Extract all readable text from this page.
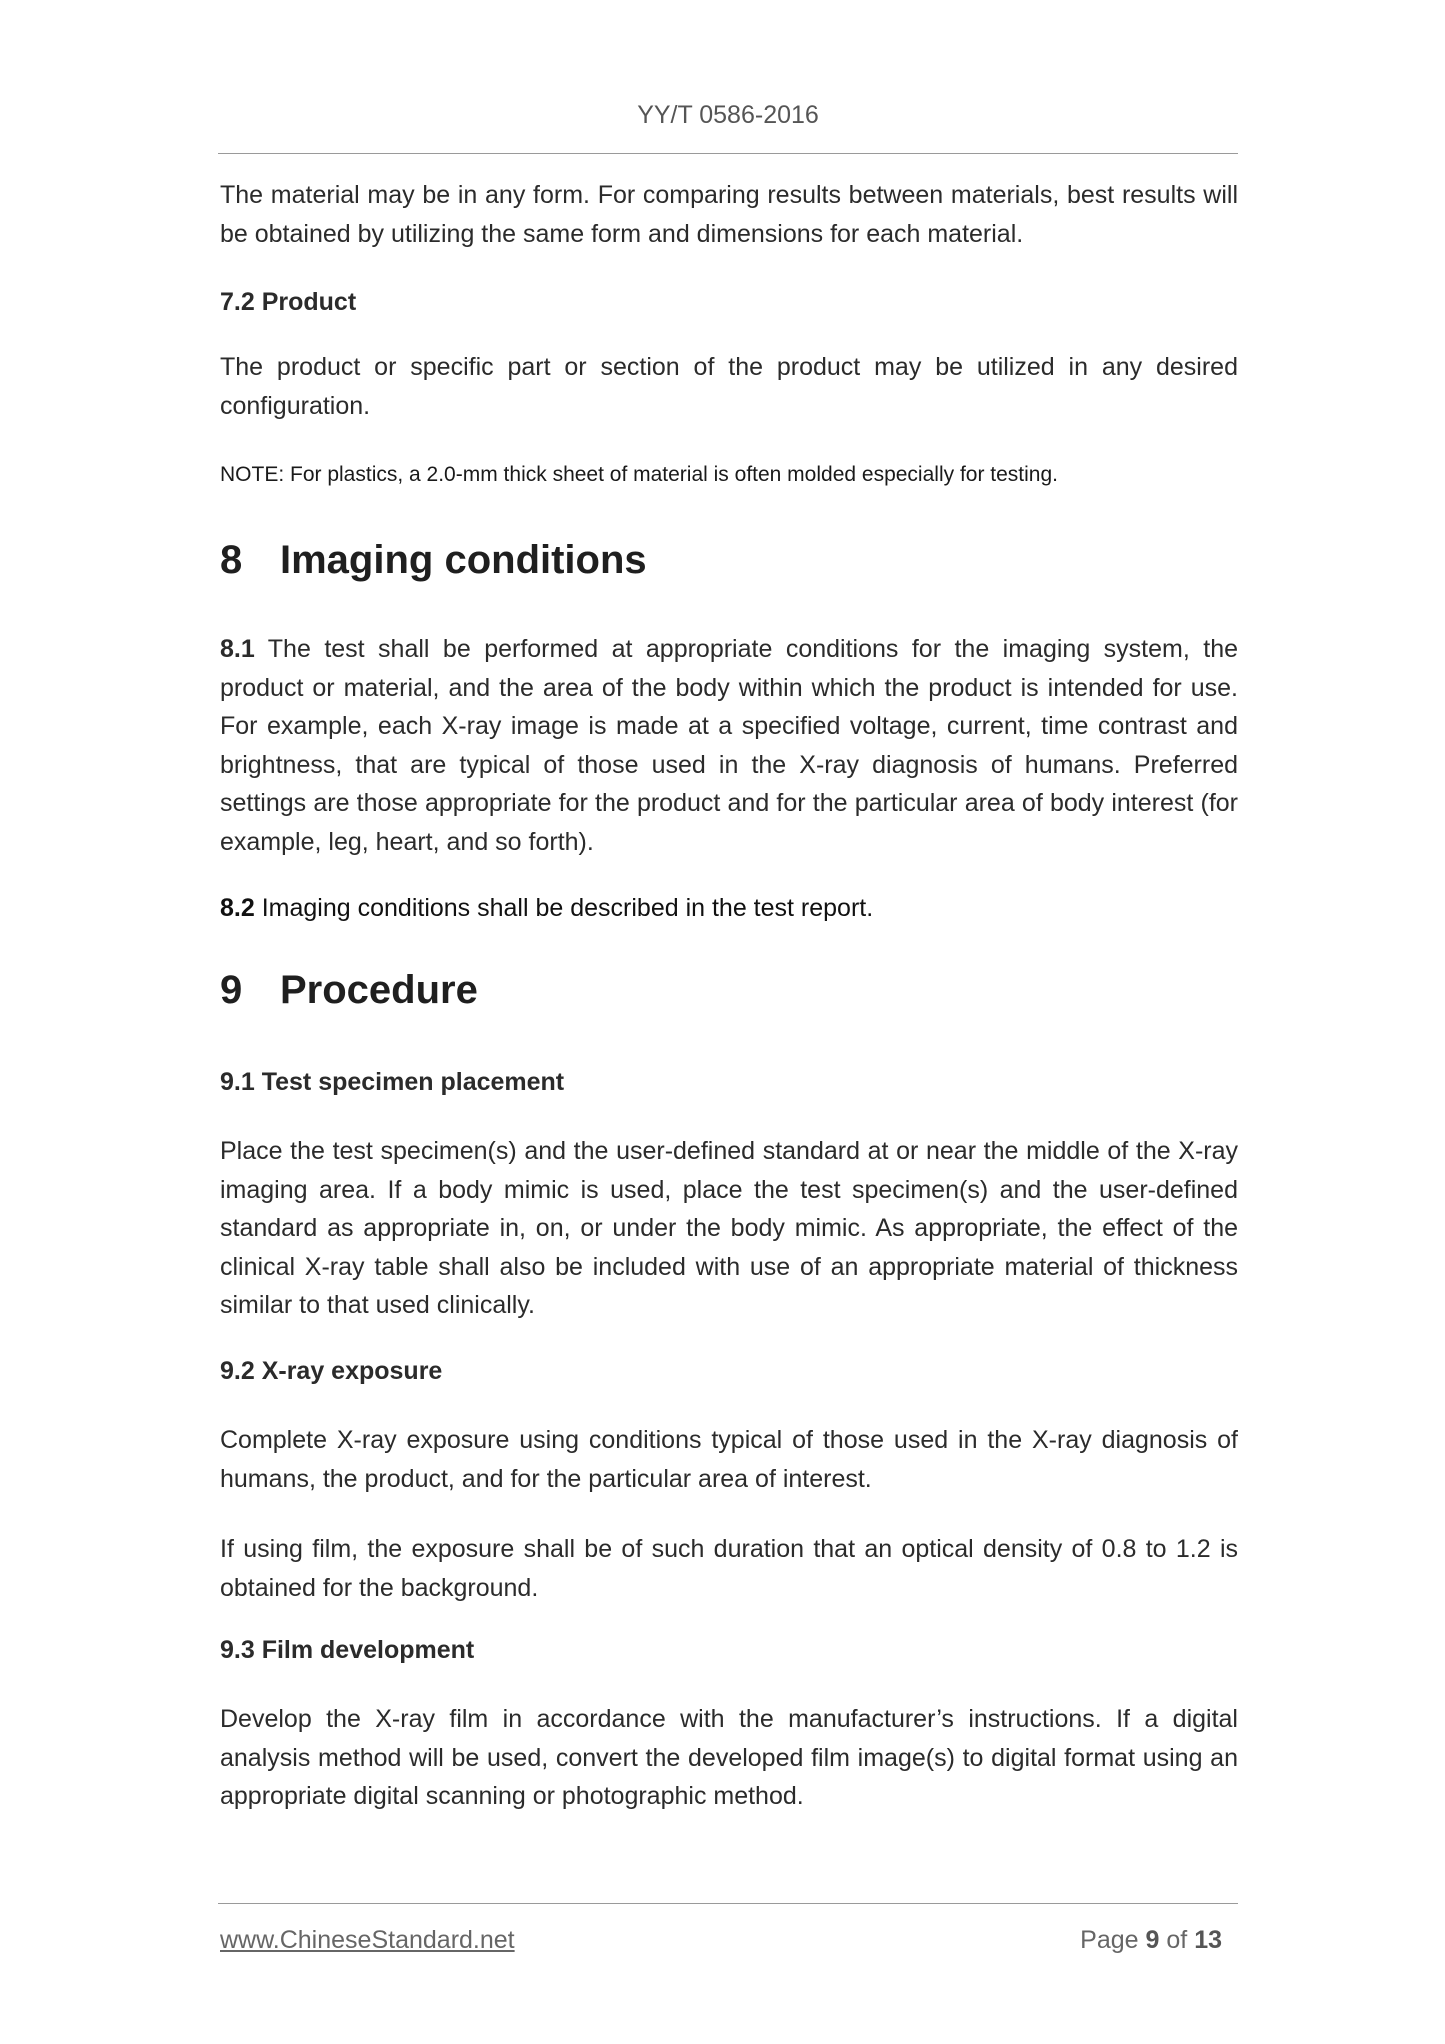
YY/T 0586-2016

The material may be in any form. For comparing results between materials, best results will be obtained by utilizing the same form and dimensions for each material.

7.2 Product

The product or specific part or section of the product may be utilized in any desired configuration.

NOTE: For plastics, a 2.0-mm thick sheet of material is often molded especially for testing.

8 Imaging conditions

8.1 The test shall be performed at appropriate conditions for the imaging system, the product or material, and the area of the body within which the product is intended for use. For example, each X-ray image is made at a specified voltage, current, time contrast and brightness, that are typical of those used in the X-ray diagnosis of humans. Preferred settings are those appropriate for the product and for the particular area of body interest (for example, leg, heart, and so forth).

8.2 Imaging conditions shall be described in the test report.

9 Procedure
9.1 Test specimen placement

Place the test specimen(s) and the user-defined standard at or near the middle of the X-ray imaging area. If a body mimic is used, place the test specimen(s) and the user-defined standard as appropriate in, on, or under the body mimic. As appropriate, the effect of the clinical X-ray table shall also be included with use of an appropriate material of thickness similar to that used clinically.

9.2 X-ray exposure

Complete X-ray exposure using conditions typical of those used in the X-ray diagnosis of humans, the product, and for the particular area of interest.

If using film, the exposure shall be of such duration that an optical density of 0.8 to 1.2 is obtained for the background.

9.3 Film development

Develop the X-ray film in accordance with the manufacturer’s instructions. If a digital analysis method will be used, convert the developed film image(s) to digital format using an appropriate digital scanning or photographic method.

www.ChineseStandard.net	Page 9 of 13
